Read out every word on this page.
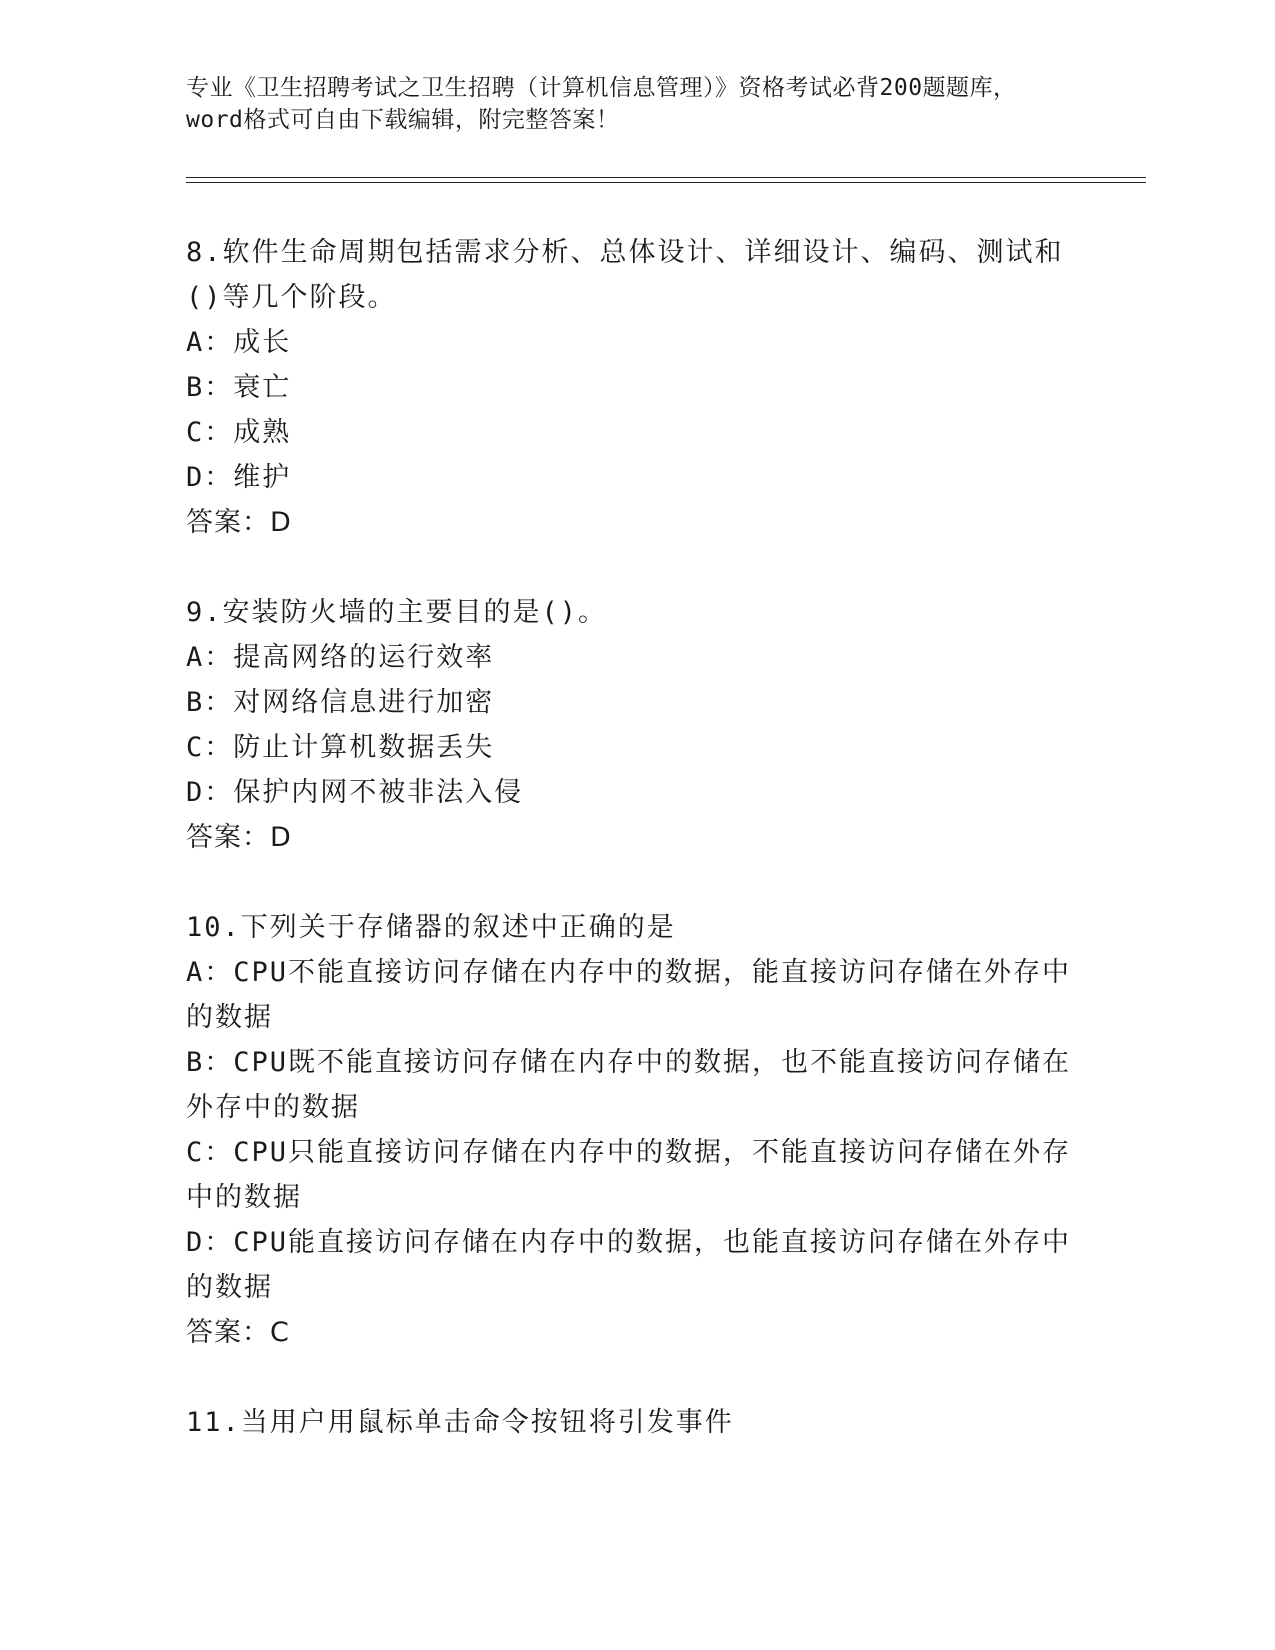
专业《卫生招聘考试之卫生招聘（计算机信息管理）》资格考试必背200题题库，
word格式可自由下载编辑，附完整答案！
8.软件生命周期包括需求分析、总体设计、详细设计、编码、测试和
()等几个阶段。
A：成长
B：衰亡
C：成熟
D：维护
答案：D
9.安装防火墙的主要目的是()。
A：提高网络的运行效率
B：对网络信息进行加密
C：防止计算机数据丢失
D：保护内网不被非法入侵
答案：D
10.下列关于存储器的叙述中正确的是
A：CPU不能直接访问存储在内存中的数据，能直接访问存储在外存中
的数据
B：CPU既不能直接访问存储在内存中的数据，也不能直接访问存储在
外存中的数据
C：CPU只能直接访问存储在内存中的数据，不能直接访问存储在外存
中的数据
D：CPU能直接访问存储在内存中的数据，也能直接访问存储在外存中
的数据
答案：C
11.当用户用鼠标单击命令按钮将引发事件
